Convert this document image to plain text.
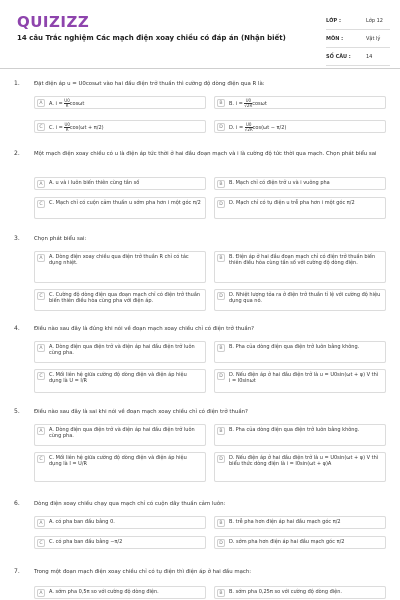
QUIZIZZ
14 câu Trắc nghiệm Các mạch điện xoay chiều có đáp án (Nhận biết)
LỚP :	Lớp 12
MÔN :	Vật lý
SỐ CÂU :	14
1.	Đặt điện áp u = U0cosωt vào hai đầu điện trở thuần thì cường độ dòng điện qua R là:
A	A. $i = \frac{U0}{R}$ cosωt	B	B. $i = \frac{U0}{√2R}$ cosωt
C	C. $i = \frac{U0}{R} \cos(\omega t + \pi/2)$	D	D. $i = \frac{U0}{√2R} \cos(\omega t - \pi/2)$
2.	Một mạch điện xoay chiều có u là điện áp tức thời ở hai đầu đoạn mạch và i là cường độ tức thời qua mạch. Chọn phát biểu sai
A	A. u và i luôn biến thiên cùng tần số	B	B. Mạch chỉ có điện trở u và i vuông pha
C	C. Mạch chỉ có cuộn cảm thuần u sớm pha hơn i một góc π/2	D	D. Mạch chỉ có tụ điện u trễ pha hơn i một góc π/2
3.	Chọn phát biểu sai:
A	A. Dòng điện xoay chiều qua điện trở thuần R chỉ có tác dụng nhiệt.
B	B. Điện áp ở hai đầu đoạn mạch chỉ có điện trở thuần biến thiên điều hòa cùng tần số với cường độ dòng điện.
C	C. Cường độ dòng điện qua đoạn mạch chỉ có điện trở thuần biến thiên điều hòa cùng pha với điện áp.
D	D. Nhiệt lượng tỏa ra ở điện trở thuần tỉ lệ với cường độ hiệu dụng qua nó.
4.	Điều nào sau đây là đúng khi nói về đoạn mạch xoay chiều chỉ có điện trở thuần?
A	A. Dòng điện qua điện trở và điện áp hai đầu điện trở luôn cùng pha.
B	B. Pha của dòng điện qua điện trở luôn bằng không.
C	C. Mối liên hệ giữa cường độ dòng điện và điện áp hiệu dụng là U = I/R
D	D. Nếu điện áp ở hai đầu điện trở là u = U0sin(ωt + φ) V thì i = I0sinωt
5.	Điều nào sau đây là sai khi nói về đoạn mạch xoay chiều chỉ có điện trở thuần?
A	A. Dòng điện qua điện trở và điện áp hai đầu điện trở luôn cùng pha.
B	B. Pha của dòng điện qua điện trở luôn bằng không.
C	C. Mối liên hệ giữa cường độ dòng điện và điện áp hiệu dụng là I = U/R
D	D. Nếu điện áp ở hai đầu điện trở là u = U0sin(ωt + φ) V thì biểu thức dòng điện là i = I0sin(ωt + φ)A
6.	Dòng điện xoay chiều chạy qua mạch chỉ có cuộn dây thuần cảm luôn:
A	A. có pha ban đầu bằng 0.	B	B. trễ pha hơn điện áp hai đầu mạch góc π/2
C	C. có pha ban đầu bằng −π/2	D	D. sớm pha hơn điện áp hai đầu mạch góc π/2
7.	Trong một đoạn mạch điện xoay chiều chỉ có tụ điện thì điện áp ở hai đầu mạch:
A	A. sớm pha 0,5π so với cường độ dòng điện.	B	B. sớm pha 0,25π so với cường độ dòng điện.
